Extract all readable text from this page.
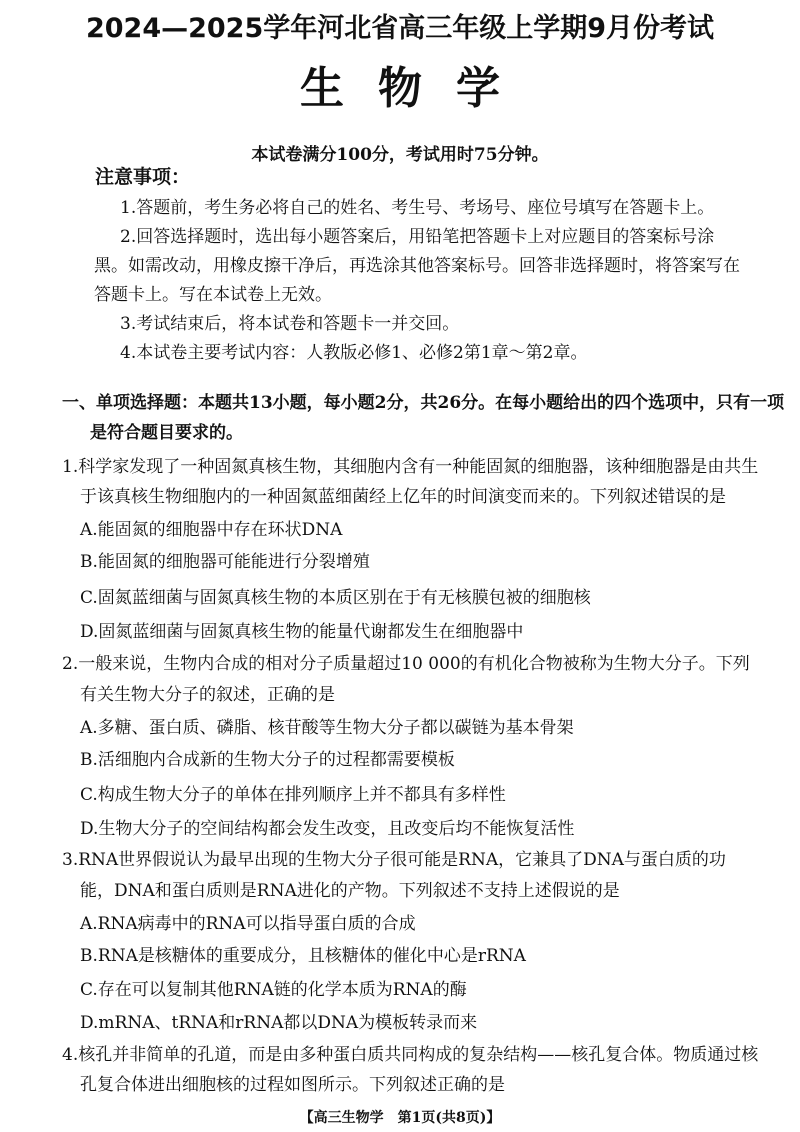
2024—2025学年河北省高三年级上学期9月份考试
生物学
本试卷满分100分，考试用时75分钟。
注意事项：
1.答题前，考生务必将自己的姓名、考生号、考场号、座位号填写在答题卡上。
2.回答选择题时，选出每小题答案后，用铅笔把答题卡上对应题目的答案标号涂
黑。如需改动，用橡皮擦干净后，再选涂其他答案标号。回答非选择题时，将答案写在
答题卡上。写在本试卷上无效。
3.考试结束后，将本试卷和答题卡一并交回。
4.本试卷主要考试内容：人教版必修1、必修2第1章～第2章。
一、单项选择题：本题共13小题，每小题2分，共26分。在每小题给出的四个选项中，只有一项
是符合题目要求的。
1.科学家发现了一种固氮真核生物，其细胞内含有一种能固氮的细胞器，该种细胞器是由共生
于该真核生物细胞内的一种固氮蓝细菌经上亿年的时间演变而来的。下列叙述错误的是
A.能固氮的细胞器中存在环状DNA
B.能固氮的细胞器可能能进行分裂增殖
C.固氮蓝细菌与固氮真核生物的本质区别在于有无核膜包被的细胞核
D.固氮蓝细菌与固氮真核生物的能量代谢都发生在细胞器中
2.一般来说，生物内合成的相对分子质量超过10 000的有机化合物被称为生物大分子。下列
有关生物大分子的叙述，正确的是
A.多糖、蛋白质、磷脂、核苷酸等生物大分子都以碳链为基本骨架
B.活细胞内合成新的生物大分子的过程都需要模板
C.构成生物大分子的单体在排列顺序上并不都具有多样性
D.生物大分子的空间结构都会发生改变，且改变后均不能恢复活性
3.RNA世界假说认为最早出现的生物大分子很可能是RNA，它兼具了DNA与蛋白质的功
能，DNA和蛋白质则是RNA进化的产物。下列叙述不支持上述假说的是
A.RNA病毒中的RNA可以指导蛋白质的合成
B.RNA是核糖体的重要成分，且核糖体的催化中心是rRNA
C.存在可以复制其他RNA链的化学本质为RNA的酶
D.mRNA、tRNA和rRNA都以DNA为模板转录而来
4.核孔并非简单的孔道，而是由多种蛋白质共同构成的复杂结构——核孔复合体。物质通过核
孔复合体进出细胞核的过程如图所示。下列叙述正确的是
【高三生物学　第1页(共8页)】
